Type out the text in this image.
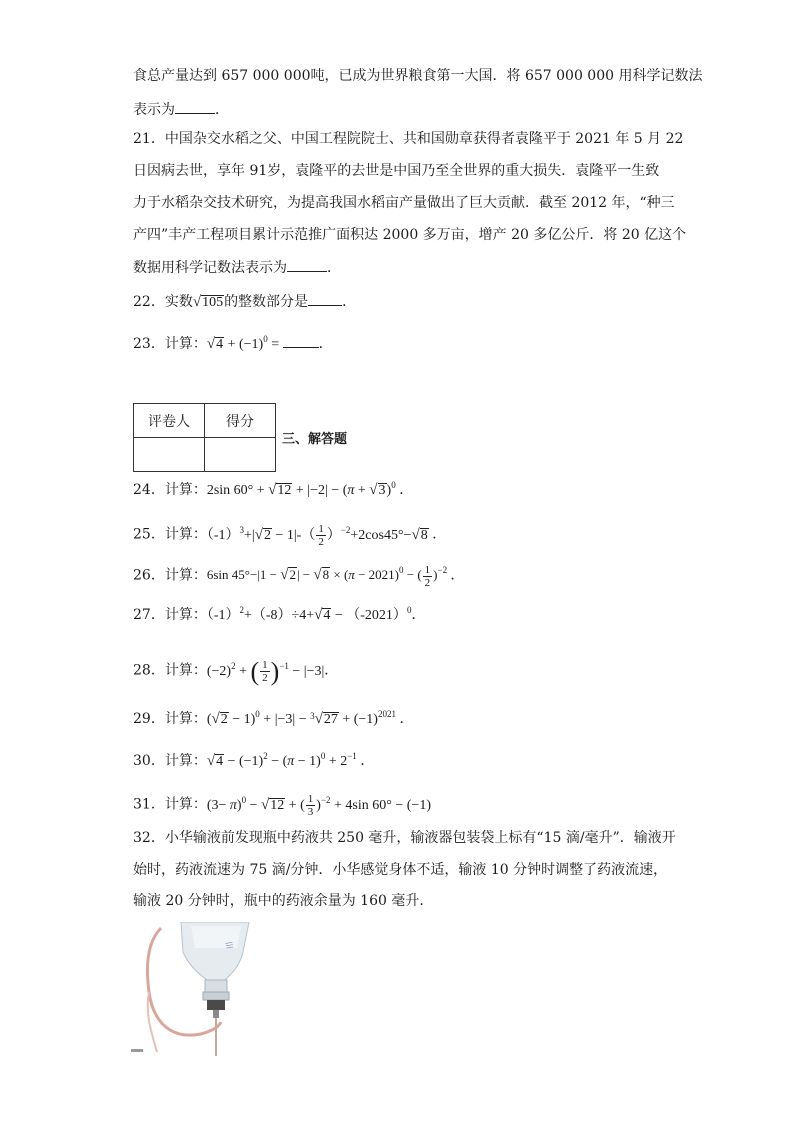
食总产量达到 657 000 000吨，已成为世界粮食第一大国．将 657 000 000 用科学记数法
表示为	．
21．中国杂交水稻之父、中国工程院院士、共和国勋章获得者袁隆平于 2021 年 5 月 22
日因病去世，享年 91岁，袁隆平的去世是中国乃至全世界的重大损失．袁隆平一生致
力于水稻杂交技术研究，为提高我国水稻亩产量做出了巨大贡献．截至 2012 年，“种三
产四”丰产工程项目累计示范推广面积达 2000 多万亩，增产 20 多亿公斤．将 20 亿这个
数据用科学记数法表示为	．
22．实数√105的整数部分是 ．
23．计算：$√4 + (-1)^0$ =	．
评卷人	得分

三、解答题
24．计算：2sin $60^\circ + √12 + |-2| - (\pi + √3)^0$ ．
25．计算：$(-1)^3+|√2 - 1|-( \frac{1}{2} )^{-2}+2\cos 45^\circ-√8$ ．
26．计算：6sin $45^\circ-|1 - √2| - √8 \times (\pi - 2021)^0$ − ( $\frac{1}{2} )^{-2}$ ．
27．计算：$(-1)^2+(-8)\div 4+√4 - (-2021)^0$．
28．计算：$(-2)^2$ + ( $\frac{1}{2} )^{-1} - |-3|$．
29．计算：$(√2 - 1)^0 + |-3| - ^3√27 + (-1)^{2021}$ ．
30．计算：$√4 - (-1)^2 - (\pi - 1)^0 + 2^{-1}$ ．
31．计算：$(3- \pi)^0 - √12$ + ( $\frac{1}{3} )^{-2} + 4\sin$ 60° − (−1)
32．小华输液前发现瓶中药液共 250 毫升，输液器包装袋上标有“15 滴/毫升”．输液开
始时，药液流速为 75 滴/分钟．小华感觉身体不适，输液 10 分钟时调整了药液流速，
输液 20 分钟时，瓶中的药液余量为 160 毫升．
|||
